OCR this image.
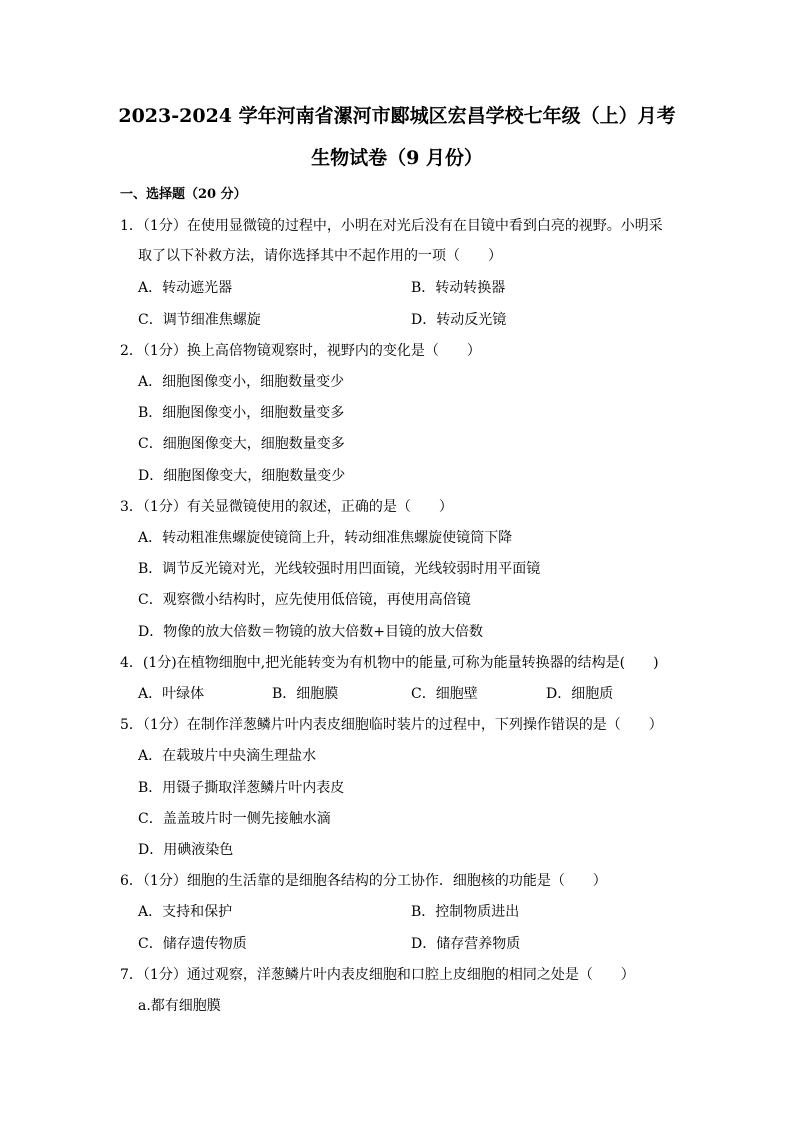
2023-2024 学年河南省漯河市郾城区宏昌学校七年级（上）月考
生物试卷（9 月份）
一、选择题（20 分）
1．（1分）在使用显微镜的过程中，小明在对光后没有在目镜中看到白亮的视野。小明采
取了以下补救方法，请你选择其中不起作用的一项（　　）
A．转动遮光器	B．转动转换器
C．调节细准焦螺旋	D．转动反光镜
2．（1分）换上高倍物镜观察时，视野内的变化是（　　）
A．细胞图像变小，细胞数量变少
B．细胞图像变小，细胞数量变多
C．细胞图像变大，细胞数量变多
D．细胞图像变大，细胞数量变少
3．（1分）有关显微镜使用的叙述，正确的是（　　）
A．转动粗准焦螺旋使镜筒上升，转动细准焦螺旋使镜筒下降
B．调节反光镜对光，光线较强时用凹面镜，光线较弱时用平面镜
C．观察微小结构时，应先使用低倍镜，再使用高倍镜
D．物像的放大倍数＝物镜的放大倍数+目镜的放大倍数
4．(1分)在植物细胞中,把光能转变为有机物中的能量,可称为能量转换器的结构是(　　)
A．叶绿体	B．细胞膜	C．细胞壁	D．细胞质
5．（1分）在制作洋葱鳞片叶内表皮细胞临时装片的过程中，下列操作错误的是（　　）
A．在载玻片中央滴生理盐水
B．用镊子撕取洋葱鳞片叶内表皮
C．盖盖玻片时一侧先接触水滴
D．用碘液染色
6．（1分）细胞的生活靠的是细胞各结构的分工协作．细胞核的功能是（　　）
A．支持和保护	B．控制物质进出
C．储存遗传物质	D．储存营养物质
7．（1分）通过观察，洋葱鳞片叶内表皮细胞和口腔上皮细胞的相同之处是（　　）
a.都有细胞膜
